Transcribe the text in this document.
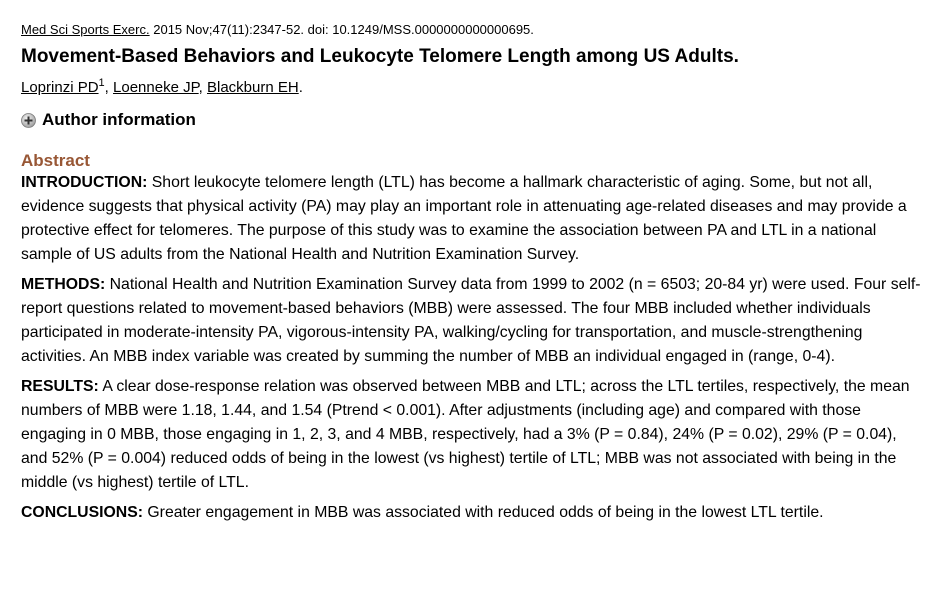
Med Sci Sports Exerc. 2015 Nov;47(11):2347-52. doi: 10.1249/MSS.0000000000000695.

Movement-Based Behaviors and Leukocyte Telomere Length among US Adults.

Loprinzi $PD^1$, Loenneke JP, Blackburn EH.

Author information
Abstract

INTRODUCTION: Short leukocyte telomere length (LTL) has become a hallmark characteristic of aging. Some, but not all, evidence suggests that physical activity (PA) may play an important role in attenuating age-related diseases and may provide a protective effect for telomeres. The purpose of this study was to examine the association between PA and LTL in a national sample of US adults from the National Health and Nutrition Examination Survey.

METHODS: National Health and Nutrition Examination Survey data from 1999 to 2002 (n = 6503; 20-84 yr) were used. Four self-report questions related to movement-based behaviors (MBB) were assessed. The four MBB included whether individuals participated in moderate-intensity PA, vigorous-intensity PA, walking/cycling for transportation, and muscle-strengthening activities. An MBB index variable was created by summing the number of MBB an individual engaged in (range, 0-4).

RESULTS: A clear dose-response relation was observed between MBB and LTL; across the LTL tertiles, respectively, the mean numbers of MBB were 1.18, 1.44, and 1.54 (Ptrend < 0.001). After adjustments (including age) and compared with those engaging in 0 MBB, those engaging in 1, 2, 3, and 4 MBB, respectively, had a 3% (P = 0.84), 24% (P = 0.02), 29% (P = 0.04), and 52% (P = 0.004) reduced odds of being in the lowest (vs highest) tertile of LTL; MBB was not associated with being in the middle (vs highest) tertile of LTL.

CONCLUSIONS: Greater engagement in MBB was associated with reduced odds of being in the lowest LTL tertile.
